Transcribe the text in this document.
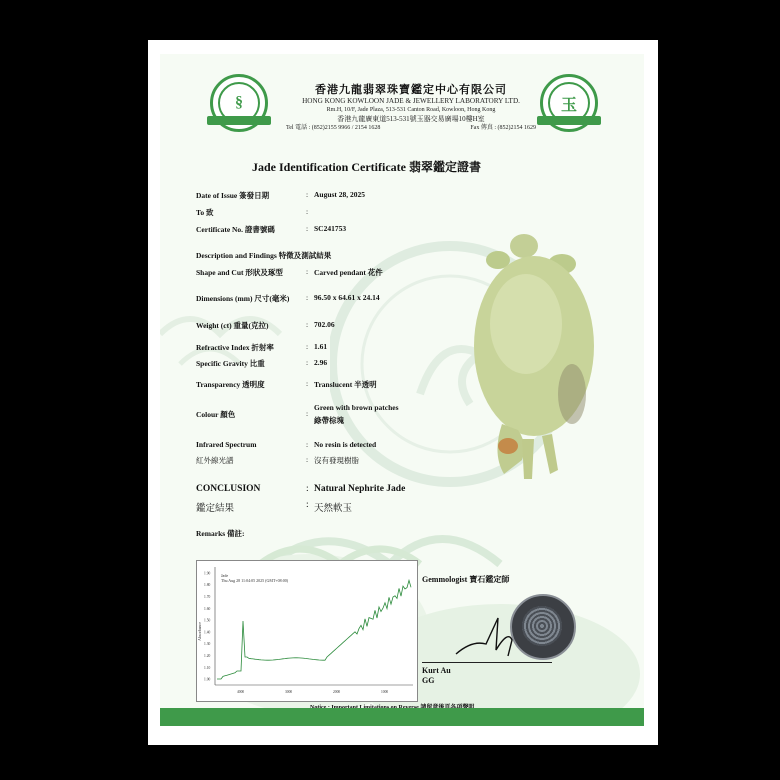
§	玉
香港九龍翡翠珠寶鑑定中心有限公司
HONG KONG KOWLOON JADE & JEWELLERY LABORATORY LTD.
Rm.H, 10/F, Jade Plaza, 513-531 Canton Road, Kowloon, Hong Kong
香港九龍廣東道513-531號玉器交易廣場10樓H室
Tel 電話 : (852)2155 9966 / 2154 1628	Fax 傳真 : (852)2154 1629
Jade Identification Certificate 翡翠鑑定證書
Date of Issue 簽發日期	: August 28, 2025
To 致	:
Certificate No. 證書號碼	: SC241753
Description and Findings 特徵及測試結果
Shape and Cut 形狀及琢型	: Carved pendant 花件
Dimensions (mm) 尺寸(毫米) : 96.50 x 64.61 x 24.14
Weight (ct) 重量(克拉)	: 702.06
Refractive Index 折射率	: 1.61
Specific Gravity 比重	: 2.96
Transparency 透明度	: Translucent 半透明
Colour 顏色	:
Green with brown patches
綠帶棕塊
Infrared Spectrum	: No resin is detected
紅外線光譜	: 沒有發現樹脂
CONCLUSION	: Natural Nephrite Jade
鑑定結果	: 天然軟玉
Remarks 備註:
Jade
Thu Aug 28 11:04:05 2025 (GMT+08:00)
Absorbance
1.00
1.10
1.20
1.30
1.40
1.50
1.60
1.70
1.80
1.90
4000	3000	2000	1000
Gemmologist 寶石鑑定師
Kurt Au
GG
